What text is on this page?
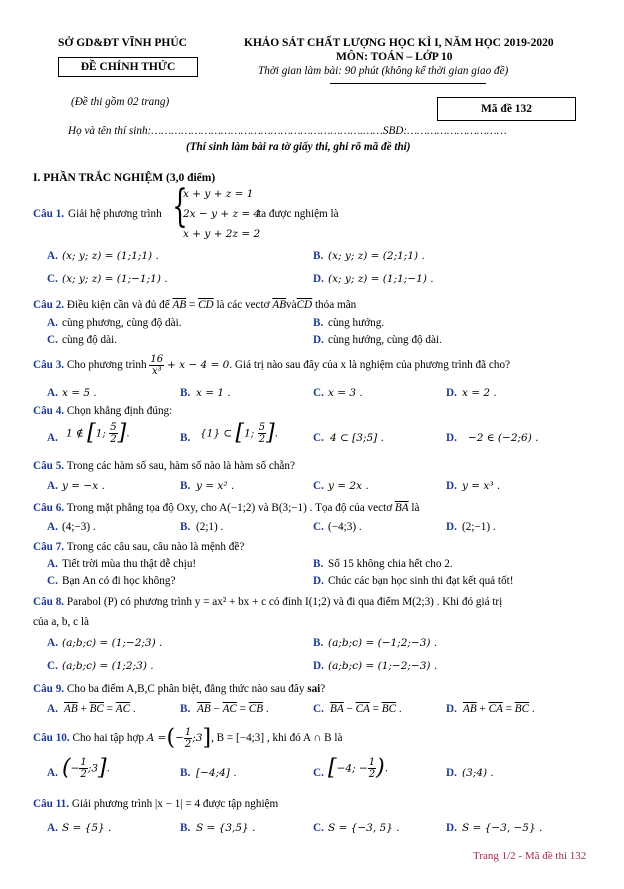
SỞ GD&ĐT VĨNH PHÚC
ĐỀ CHÍNH THỨC
(Đề thi gồm 02 trang)
KHẢO SÁT CHẤT LƯỢNG HỌC KÌ I, NĂM HỌC 2019-2020
MÔN: TOÁN – LỚP 10
Thời gian làm bài: 90 phút (không kể thời gian giao đề)
Mã đề 132
Họ và tên thí sinh:……………………………………………………….……SBD:…………………………
(Thí sinh làm bài ra tờ giấy thi, ghi rõ mã đề thi)
I. PHẦN TRẮC NGHIỆM (3,0 điểm)
Câu 1. Giải hệ phương trình {
x + y + z = 1
2x − y + z = 4
x + y + 2z = 2
ta được nghiệm là
A. (x; y; z) = (1;1;1) .	B. (x; y; z) = (2;1;1) .
C. (x; y; z) = (1;−1;1) .	D. (x; y; z) = (1;1;−1) .
Câu 2. Điều kiện cần và đủ để $\overline{AB} = \overline{CD}$ là các vectơ $\overline{AB}và\overline{CD}$ thỏa mãn
A. cùng phương, cùng độ dài.	B. cùng hướng.
C. cùng độ dài.	D. cùng hướng, cùng độ dài.
Câu 3. Cho phương trình $\frac{16}{\text{x³}} + x - 4 = 0$. Giá trị nào sau đây của x là nghiệm của phương trình đã cho?
A. x = 5 .	B. x = 1 .	C. x = 3 .	D. x = 2 .
Câu 4. Chọn khẳng định đúng:
A. 1 ∉ [1; $\frac{5}{2}$ ].	B. {1} ⊂ [1; $\frac{5}{2}$ ].	C. 4 ⊂ [3;5] .	D. −2 ∈ (−2;6) .
Câu 5. Trong các hàm số sau, hàm số nào là hàm số chẵn?
A. y = −x .	B. y = x² .	C. y = 2x .	D. y = x³ .
Câu 6. Trong mặt phẳng tọa độ Oxy, cho A(−1;2) và B(3;−1) . Tọa độ của vectơ $\overline{BA}$ là
A. (4;−3) .	B. (2;1) .	C. (−4;3) .	D. (2;−1) .
Câu 7. Trong các câu sau, câu nào là mệnh đề?
A. Tiết trời mùa thu thật dễ chịu!	B. Số 15 không chia hết cho 2.
C. Bạn An có đi học không?	D. Chúc các bạn học sinh thi đạt kết quả tốt!
Câu 8. Parabol (P) có phương trình y = ax² + bx + c có đỉnh I(1;2) và đi qua điểm M(2;3) . Khi đó giá trị
của a, b, c là
A. (a;b;c) = (1;−2;3) .	B. (a;b;c) = (−1;2;−3) .
C. (a;b;c) = (1;2;3) .	D. (a;b;c) = (1;−2;−3) .
Câu 9. Cho ba điểm A,B,C phân biệt, đẳng thức nào sau đây sai?
A. $\overline{AB} + \overline{BC} = \overline{AC}$ .	B. $\overline{AB} - \overline{AC} = \overline{CB}$ .	C. $\overline{BA} - \overline{CA} = \overline{BC}$ .	D. $\overline{AB} + \overline{CA} = \overline{BC}$ .
Câu 10. Cho hai tập hợp A =(− $\frac{1}{2}$ ;3], B = [−4;3] , khi đó A ∩ B là
A. (− $\frac{1}{2}$ ;3].	B. [−4;4] .	C. [−4; − $\frac{1}{2}$ ).	D. (3;4) .
Câu 11. Giải phương trình |x − 1| = 4 được tập nghiệm
A. S = {5} .	B. S = {3,5} .	C. S = {−3, 5} .	D. S = {−3, −5} .
Trang 1/2 - Mã đề thi 132
